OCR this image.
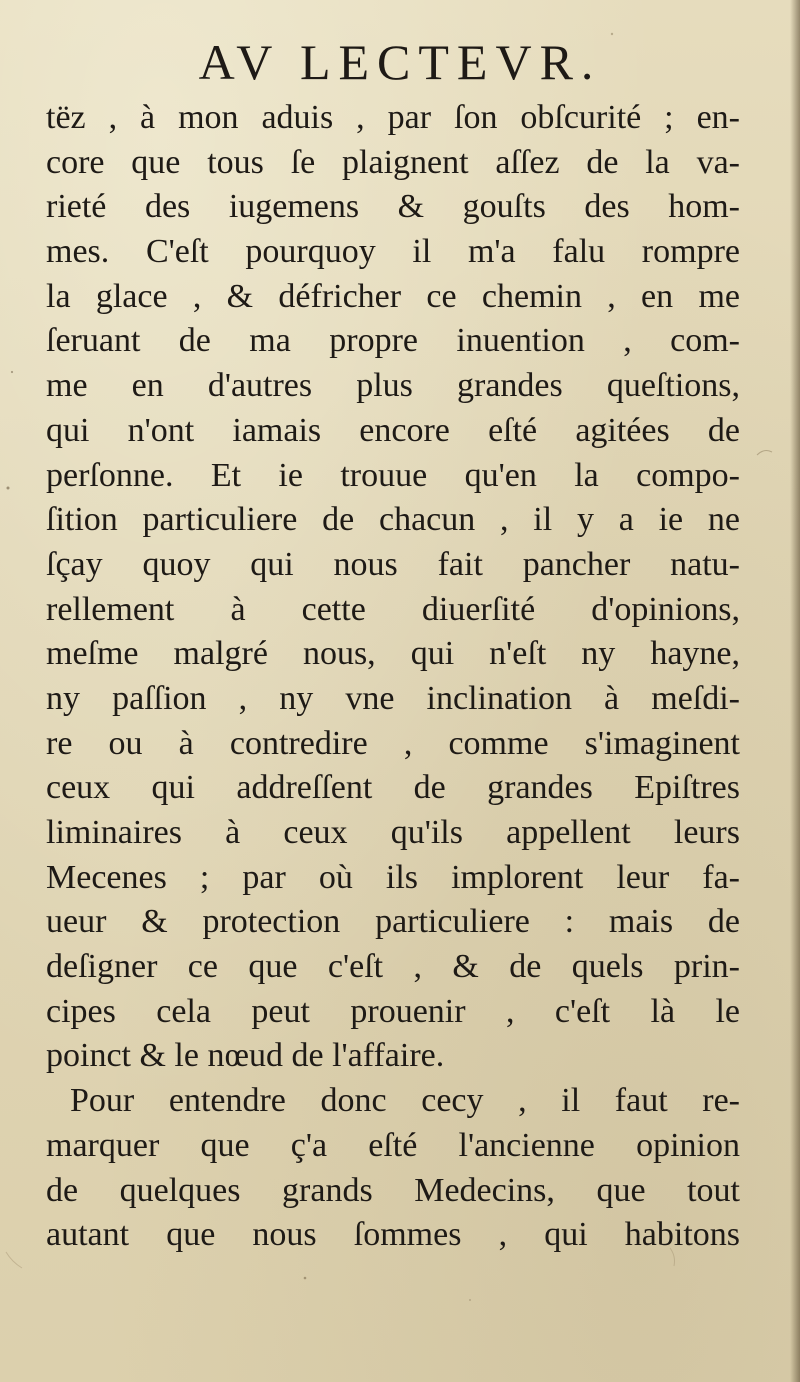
AV LECTEVR.
tëz , à mon aduis , par ſon obſcurité ; en-
core que tous ſe plaignent aſſez de la va-
rieté des iugemens & gouſts des hom-
mes. C'eſt pourquoy il m'a falu rompre
la glace , & défricher ce chemin , en me
ſeruant de ma propre inuention , com-
me en d'autres plus grandes queſtions,
qui n'ont iamais encore eſté agitées de
perſonne. Et ie trouue qu'en la compo-
ſition particuliere de chacun , il y a ie ne
ſçay quoy qui nous fait pancher natu-
rellement à cette diuerſité d'opinions,
meſme malgré nous, qui n'eſt ny hayne,
ny paſſion , ny vne inclination à meſdi-
re ou à contredire , comme s'imaginent
ceux qui addreſſent de grandes Epiſtres
liminaires à ceux qu'ils appellent leurs
Mecenes ; par où ils implorent leur fa-
ueur & protection particuliere : mais de
deſigner ce que c'eſt , & de quels prin-
cipes cela peut prouenir , c'eſt là le
poinct & le nœud de l'affaire.
Pour entendre donc cecy , il faut re-
marquer que ç'a eſté l'ancienne opinion
de quelques grands Medecins, que tout
autant que nous ſommes , qui habitons
